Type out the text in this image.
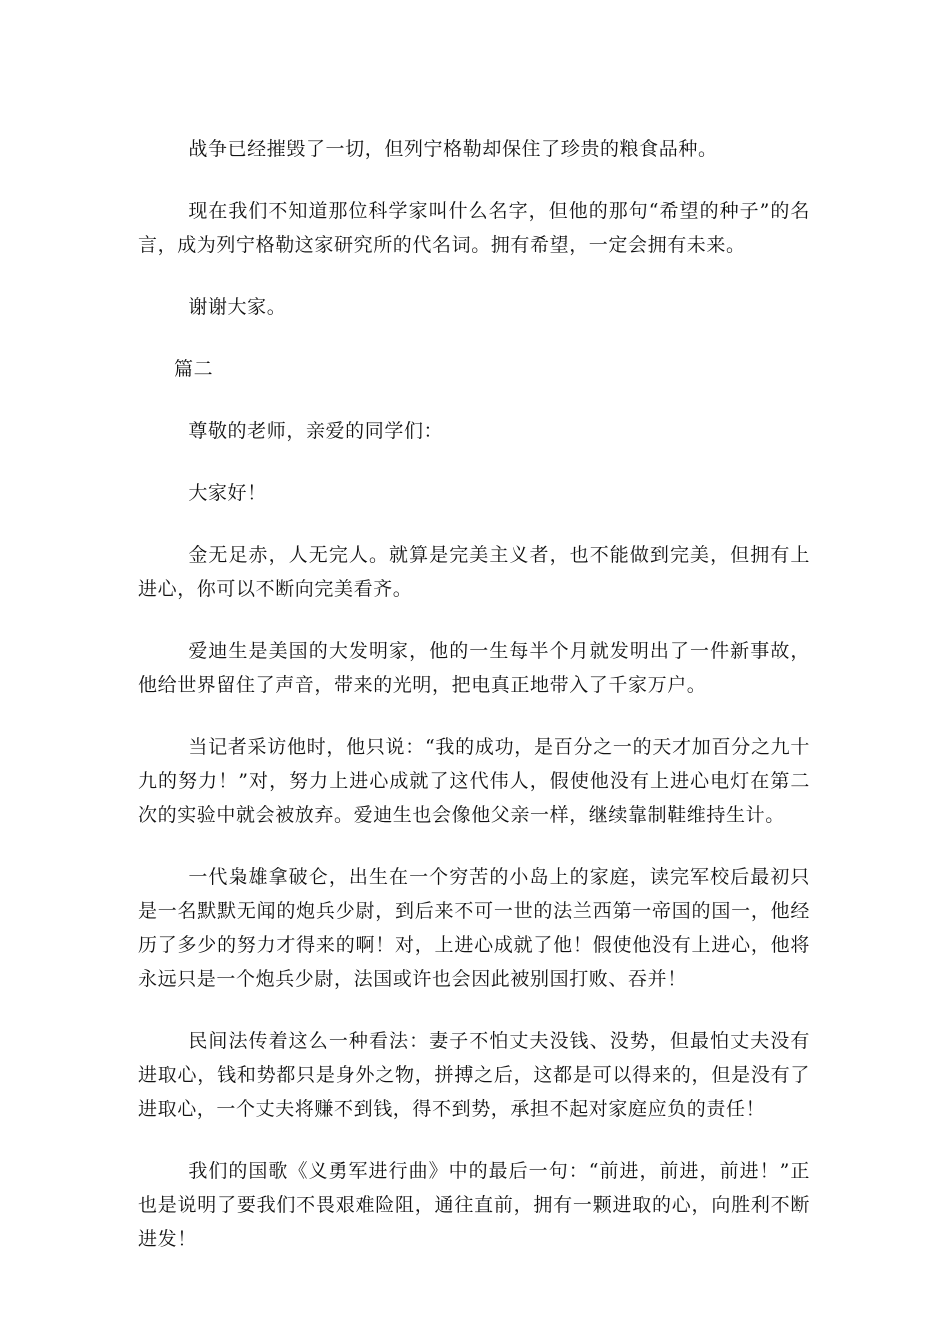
战争已经摧毁了一切，但列宁格勒却保住了珍贵的粮食品种。

现在我们不知道那位科学家叫什么名字，但他的那句“希望的种子”的名言，成为列宁格勒这家研究所的代名词。拥有希望，一定会拥有未来。

谢谢大家。

篇二

尊敬的老师，亲爱的同学们：

大家好！

金无足赤，人无完人。就算是完美主义者，也不能做到完美，但拥有上进心，你可以不断向完美看齐。

爱迪生是美国的大发明家，他的一生每半个月就发明出了一件新事故，他给世界留住了声音，带来的光明，把电真正地带入了千家万户。

当记者采访他时，他只说：“我的成功，是百分之一的天才加百分之九十九的努力！”对，努力上进心成就了这代伟人，假使他没有上进心电灯在第二次的实验中就会被放弃。爱迪生也会像他父亲一样，继续靠制鞋维持生计。

一代枭雄拿破仑，出生在一个穷苦的小岛上的家庭，读完军校后最初只是一名默默无闻的炮兵少尉，到后来不可一世的法兰西第一帝国的国一，他经历了多少的努力才得来的啊！对，上进心成就了他！假使他没有上进心，他将永远只是一个炮兵少尉，法国或许也会因此被别国打败、吞并！

民间法传着这么一种看法：妻子不怕丈夫没钱、没势，但最怕丈夫没有进取心，钱和势都只是身外之物，拼搏之后，这都是可以得来的，但是没有了进取心，一个丈夫将赚不到钱，得不到势，承担不起对家庭应负的责任！

我们的国歌《义勇军进行曲》中的最后一句：“前进，前进，前进！”正也是说明了要我们不畏艰难险阻，通往直前，拥有一颗进取的心，向胜利不断进发！
